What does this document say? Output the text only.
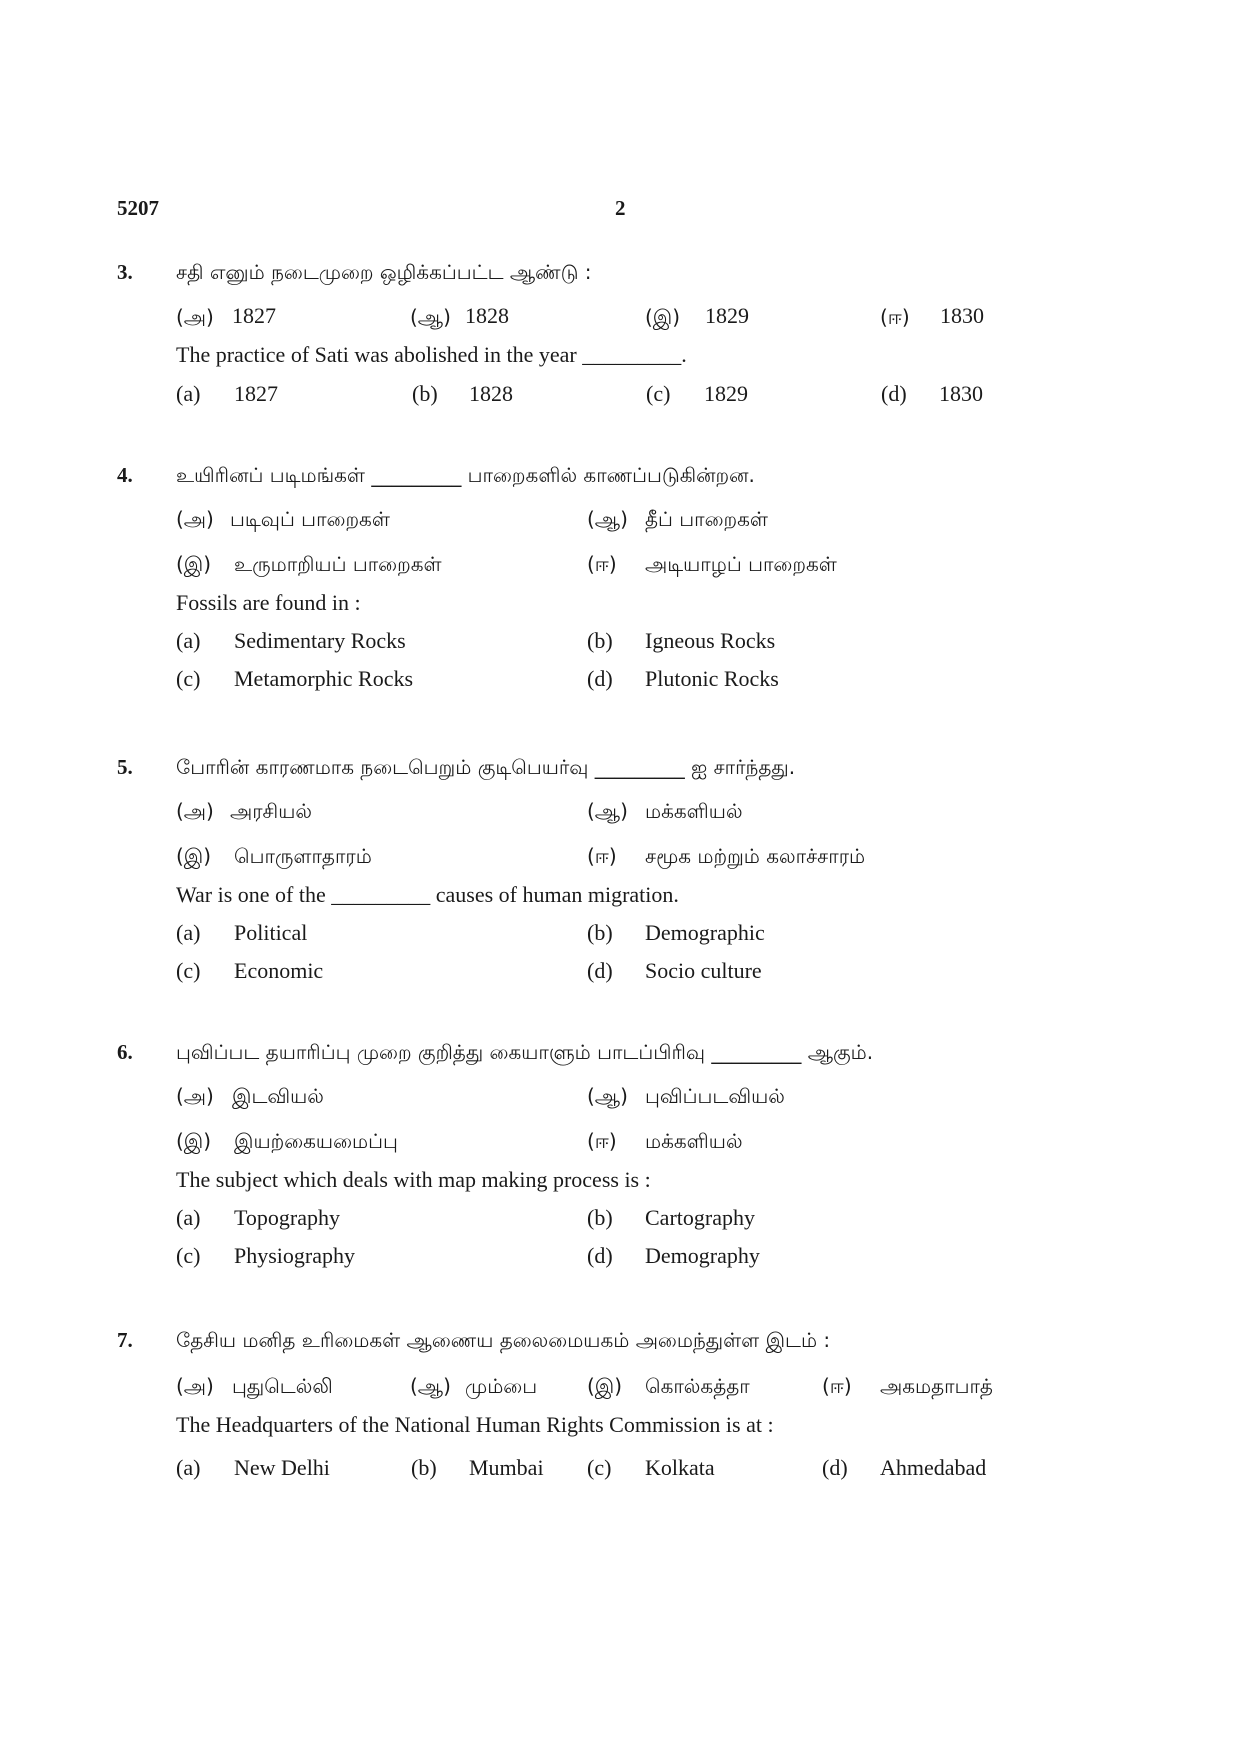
5207	2
3. சதி எனும் நடைமுறை ஒழிக்கப்பட்ட ஆண்டு :
(அ) 1827	(ஆ) 1828	(இ) 1829	(ஈ) 1830
The practice of Sati was abolished in the year _________.
(a) 1827	(b) 1828	(c) 1829	(d) 1830
4. உயிரினப் படிமங்கள் _________ பாறைகளில் காணப்படுகின்றன.
(அ) படிவுப் பாறைகள்	(ஆ) தீப் பாறைகள்
(இ) உருமாறியப் பாறைகள்	(ஈ) அடியாழப் பாறைகள்
Fossils are found in :
(a) Sedimentary Rocks	(b) Igneous Rocks
(c) Metamorphic Rocks	(d) Plutonic Rocks
5. போரின் காரணமாக நடைபெறும் குடிபெயர்வு _________ ஐ சார்ந்தது.
(அ) அரசியல்	(ஆ) மக்களியல்
(இ) பொருளாதாரம்	(ஈ) சமூக மற்றும் கலாச்சாரம்
War is one of the _________ causes of human migration.
(a) Political	(b) Demographic
(c) Economic	(d) Socio culture
6. புவிப்பட தயாரிப்பு முறை குறித்து கையாளும் பாடப்பிரிவு _________ ஆகும்.
(அ) இடவியல்	(ஆ) புவிப்படவியல்
(இ) இயற்கையமைப்பு	(ஈ) மக்களியல்
The subject which deals with map making process is :
(a) Topography	(b) Cartography
(c) Physiography	(d) Demography
7. தேசிய மனித உரிமைகள் ஆணைய தலைமையகம் அமைந்துள்ள இடம் :
(அ) புதுடெல்லி	(ஆ) மும்பை (இ) கொல்கத்தா	(ஈ) அகமதாபாத்
The Headquarters of the National Human Rights Commission is at :
(a) New Delhi	(b) Mumbai (c) Kolkata	(d) Ahmedabad
